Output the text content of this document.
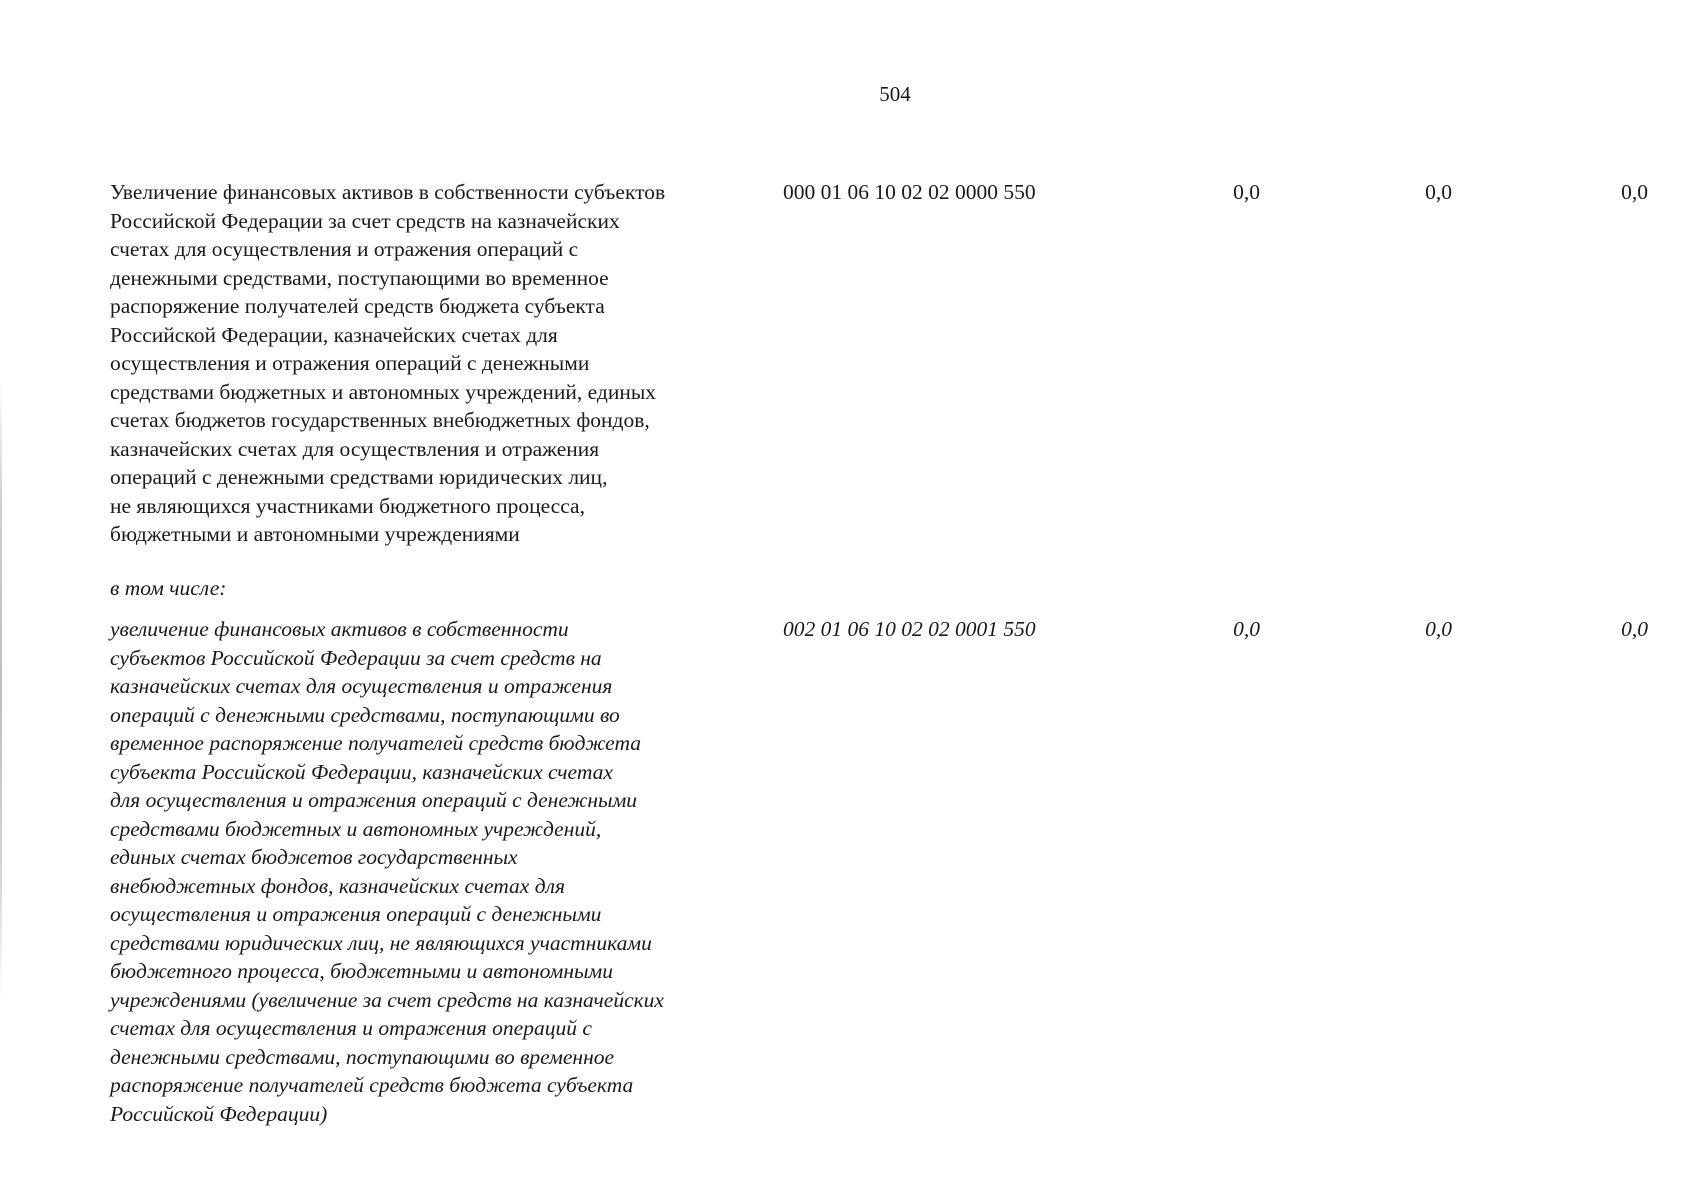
504
Увеличение финансовых активов в собственности субъектов
Российской Федерации за счет средств на казначейских
счетах для осуществления и отражения операций с
денежными средствами, поступающими во временное
распоряжение получателей средств бюджета субъекта
Российской Федерации, казначейских счетах для
осуществления и отражения операций с денежными
средствами бюджетных и автономных учреждений, единых
счетах бюджетов государственных внебюджетных фондов,
казначейских счетах для осуществления и отражения
операций с денежными средствами юридических лиц,
не являющихся участниками бюджетного процесса,
бюджетными и автономными учреждениями
000 01 06 10 02 02 0000 550	0,0	0,0	0,0
в том числе:
увеличение финансовых активов в собственности
субъектов Российской Федерации за счет средств на
казначейских счетах для осуществления и отражения
операций с денежными средствами, поступающими во
временное распоряжение получателей средств бюджета
субъекта Российской Федерации, казначейских счетах
для осуществления и отражения операций с денежными
средствами бюджетных и автономных учреждений,
единых счетах бюджетов государственных
внебюджетных фондов, казначейских счетах для
осуществления и отражения операций с денежными
средствами юридических лиц, не являющихся участниками
бюджетного процесса, бюджетными и автономными
учреждениями (увеличение за счет средств на казначейских
счетах для осуществления и отражения операций с
денежными средствами, поступающими во временное
распоряжение получателей средств бюджета субъекта
Российской Федерации)
002 01 06 10 02 02 0001 550	0,0	0,0	0,0
